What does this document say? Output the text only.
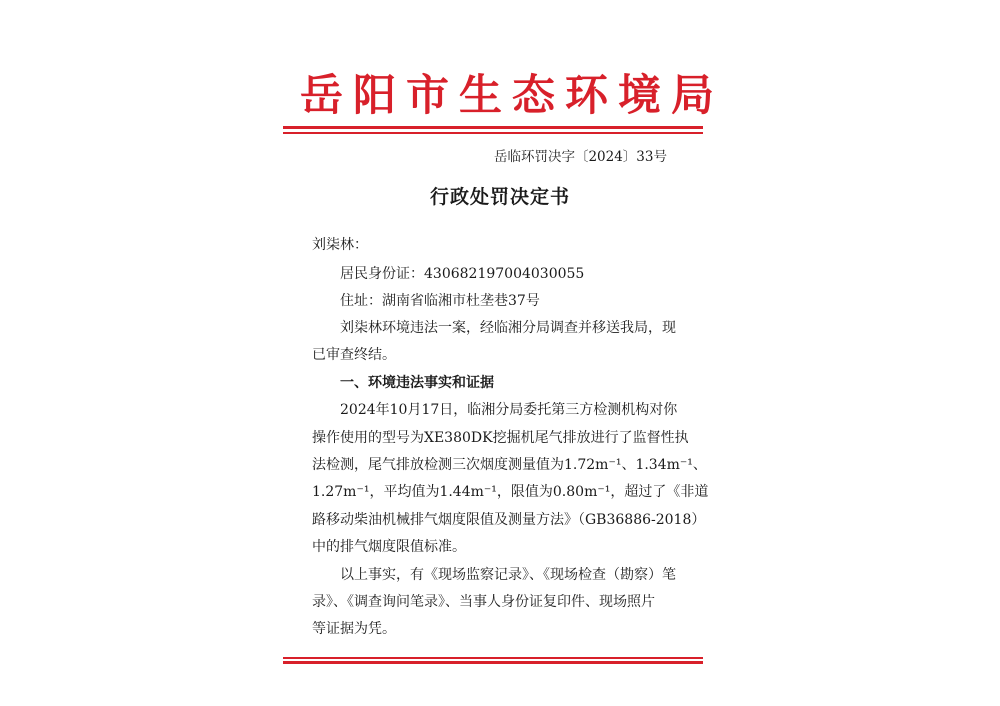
岳阳市生态环境局
岳临环罚决字〔2024〕33号
行政处罚决定书
刘柒林：
居民身份证：430682197004030055
住址：湖南省临湘市杜垄巷37号
刘柒林环境违法一案，经临湘分局调查并移送我局，现
已审查终结。
一、环境违法事实和证据
2024年10月17日，临湘分局委托第三方检测机构对你
操作使用的型号为XE380DK挖掘机尾气排放进行了监督性执
法检测，尾气排放检测三次烟度测量值为1.72m⁻¹、1.34m⁻¹、
1.27m⁻¹，平均值为1.44m⁻¹，限值为0.80m⁻¹，超过了《非道
路移动柴油机械排气烟度限值及测量方法》（GB36886-2018）
中的排气烟度限值标准。
以上事实，有《现场监察记录》、《现场检查（勘察）笔
录》、《调查询问笔录》、当事人身份证复印件、现场照片
等证据为凭。
